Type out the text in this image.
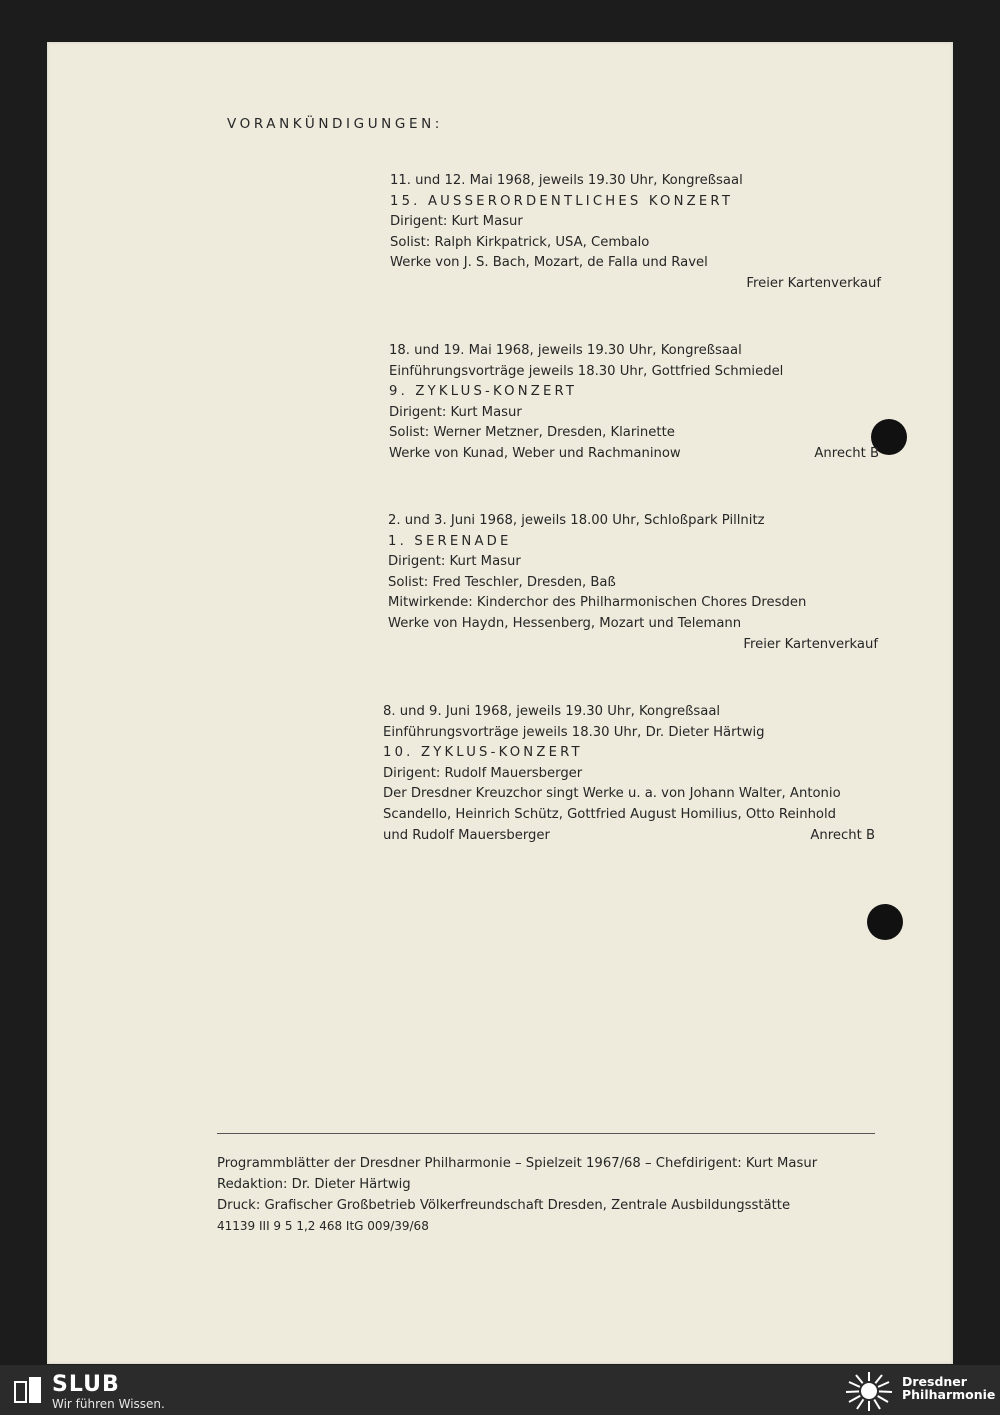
VORANKÜNDIGUNGEN:
11. und 12. Mai 1968, jeweils 19.30 Uhr, Kongreßsaal
15. AUSSERORDENTLICHES KONZERT
Dirigent: Kurt Masur
Solist: Ralph Kirkpatrick, USA, Cembalo
Werke von J. S. Bach, Mozart, de Falla und Ravel
Freier Kartenverkauf
18. und 19. Mai 1968, jeweils 19.30 Uhr, Kongreßsaal
Einführungsvorträge jeweils 18.30 Uhr, Gottfried Schmiedel
9. ZYKLUS-KONZERT
Dirigent: Kurt Masur
Solist: Werner Metzner, Dresden, Klarinette
Werke von Kunad, Weber und Rachmaninow	Anrecht B
2. und 3. Juni 1968, jeweils 18.00 Uhr, Schloßpark Pillnitz
1. SERENADE
Dirigent: Kurt Masur
Solist: Fred Teschler, Dresden, Baß
Mitwirkende: Kinderchor des Philharmonischen Chores Dresden
Werke von Haydn, Hessenberg, Mozart und Telemann
Freier Kartenverkauf
8. und 9. Juni 1968, jeweils 19.30 Uhr, Kongreßsaal
Einführungsvorträge jeweils 18.30 Uhr, Dr. Dieter Härtwig
10. ZYKLUS-KONZERT
Dirigent: Rudolf Mauersberger
Der Dresdner Kreuzchor singt Werke u. a. von Johann Walter, Antonio
Scandello, Heinrich Schütz, Gottfried August Homilius, Otto Reinhold
und Rudolf Mauersberger	Anrecht B
Programmblätter der Dresdner Philharmonie – Spielzeit 1967/68 – Chefdirigent: Kurt Masur
Redaktion: Dr. Dieter Härtwig
Druck: Grafischer Großbetrieb Völkerfreundschaft Dresden, Zentrale Ausbildungsstätte
41139 III 9 5 1,2 468 ItG 009/39/68
SLUB
Wir führen Wissen.
Dresdner
Philharmonie
